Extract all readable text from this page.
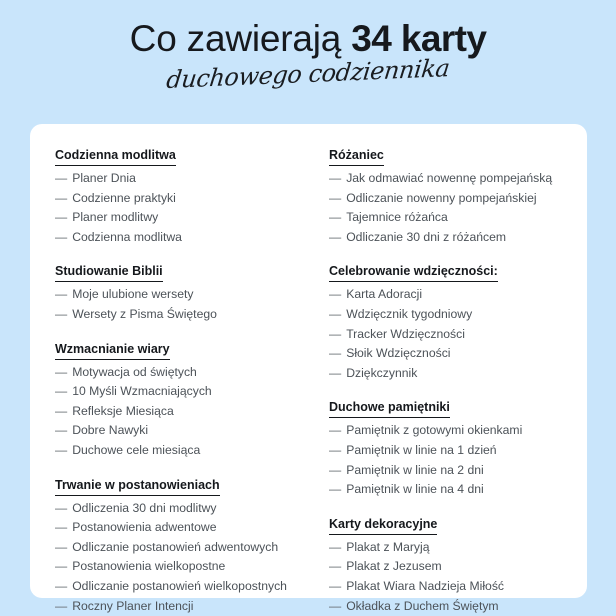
Co zawierają 34 karty

duchowego codziennika

Codzienna modlitwa
— Planer Dnia
— Codzienne praktyki
— Planer modlitwy
— Codzienna modlitwa
Studiowanie Biblii
— Moje ulubione wersety
— Wersety z Pisma Świętego
Wzmacnianie wiary
— Motywacja od świętych
— 10 Myśli Wzmacniających
— Refleksje Miesiąca
— Dobre Nawyki
— Duchowe cele miesiąca
Trwanie w postanowieniach
— Odliczenia 30 dni modlitwy
— Postanowienia adwentowe
— Odliczanie postanowień adwentowych
— Postanowienia wielkopostne
— Odliczanie postanowień wielkopostnych
— Roczny Planer Intencji
Różaniec
— Jak odmawiać nowennę pompejańską
— Odliczanie nowenny pompejańskiej
— Tajemnice różańca
— Odliczanie 30 dni z różańcem
Celebrowanie wdzięczności:
— Karta Adoracji
— Wdzięcznik tygodniowy
— Tracker Wdzięczności
— Słoik Wdzięczności
— Dziękczynnik
Duchowe pamiętniki
— Pamiętnik z gotowymi okienkami
— Pamiętnik w linie na 1 dzień
— Pamiętnik w linie na 2 dni
— Pamiętnik w linie na 4 dni
Karty dekoracyjne
— Plakat z Maryją
— Plakat z Jezusem
— Plakat Wiara Nadzieja Miłość
— Okładka z Duchem Świętym
